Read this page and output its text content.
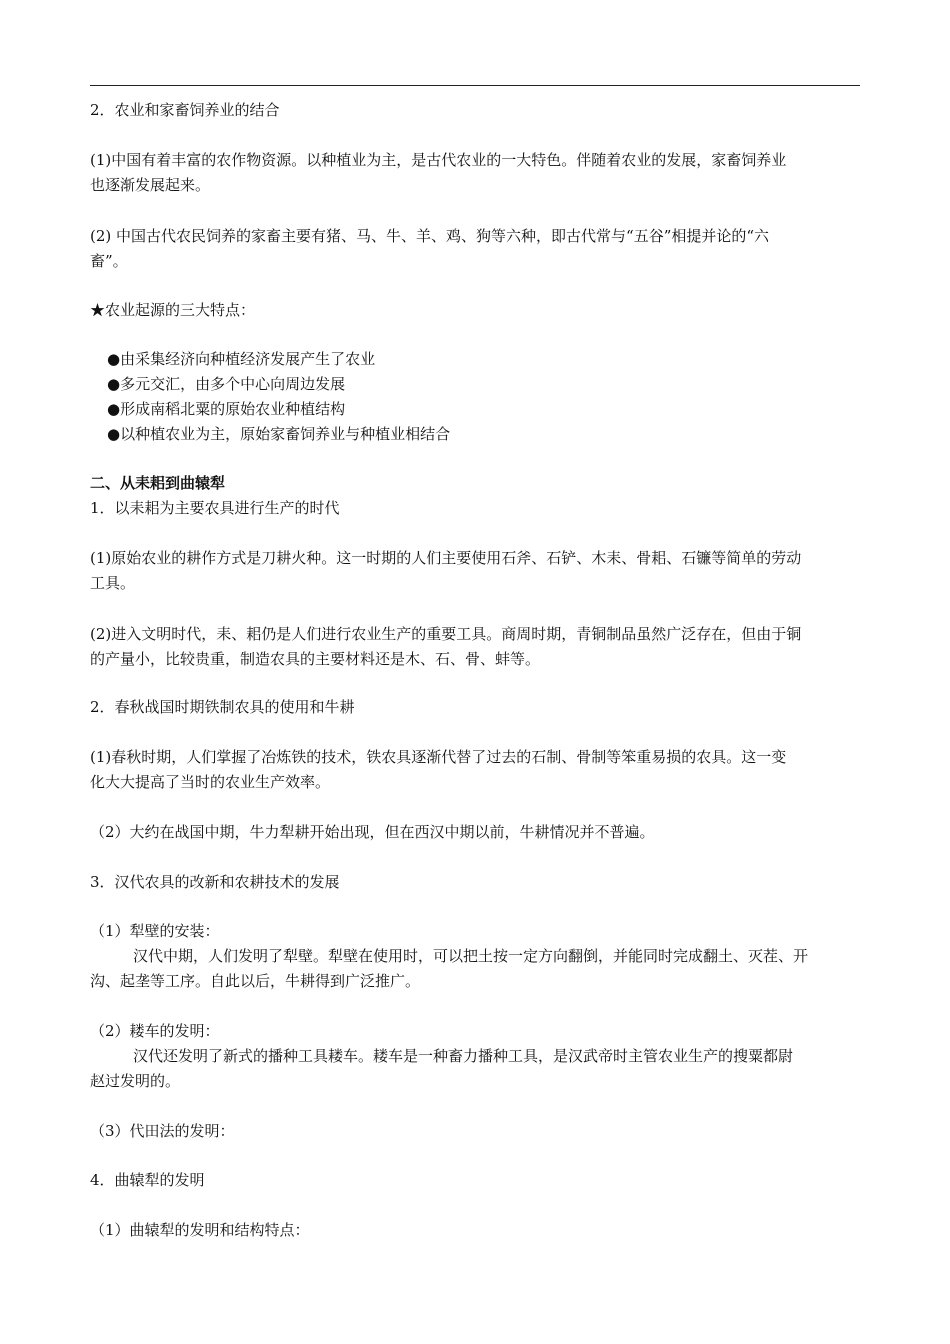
2．农业和家畜饲养业的结合
(1)中国有着丰富的农作物资源。以种植业为主，是古代农业的一大特色。伴随着农业的发展，家畜饲养业
也逐渐发展起来。
(2) 中国古代农民饲养的家畜主要有猪、马、牛、羊、鸡、狗等六种，即古代常与“五谷”相提并论的“六
畜”。
★农业起源的三大特点：
●由采集经济向种植经济发展产生了农业
●多元交汇，由多个中心向周边发展
●形成南稻北粟的原始农业种植结构
●以种植农业为主，原始家畜饲养业与种植业相结合
二、从耒耜到曲辕犁
1．以耒耜为主要农具进行生产的时代
(1)原始农业的耕作方式是刀耕火种。这一时期的人们主要使用石斧、石铲、木耒、骨耜、石镰等简单的劳动
工具。
(2)进入文明时代，耒、耜仍是人们进行农业生产的重要工具。商周时期，青铜制品虽然广泛存在，但由于铜
的产量小，比较贵重，制造农具的主要材料还是木、石、骨、蚌等。
2．春秋战国时期铁制农具的使用和牛耕
(1)春秋时期，人们掌握了冶炼铁的技术，铁农具逐渐代替了过去的石制、骨制等笨重易损的农具。这一变
化大大提高了当时的农业生产效率。
（2）大约在战国中期，牛力犁耕开始出现，但在西汉中期以前，牛耕情况并不普遍。
3．汉代农具的改新和农耕技术的发展
（1）犁壁的安装：
汉代中期，人们发明了犁壁。犁壁在使用时，可以把土按一定方向翻倒，并能同时完成翻土、灭茬、开
沟、起垄等工序。自此以后，牛耕得到广泛推广。
（2）耧车的发明：
汉代还发明了新式的播种工具耧车。耧车是一种畜力播种工具，是汉武帝时主管农业生产的搜粟都尉
赵过发明的。
（3）代田法的发明：
4．曲辕犁的发明
（1）曲辕犁的发明和结构特点：
